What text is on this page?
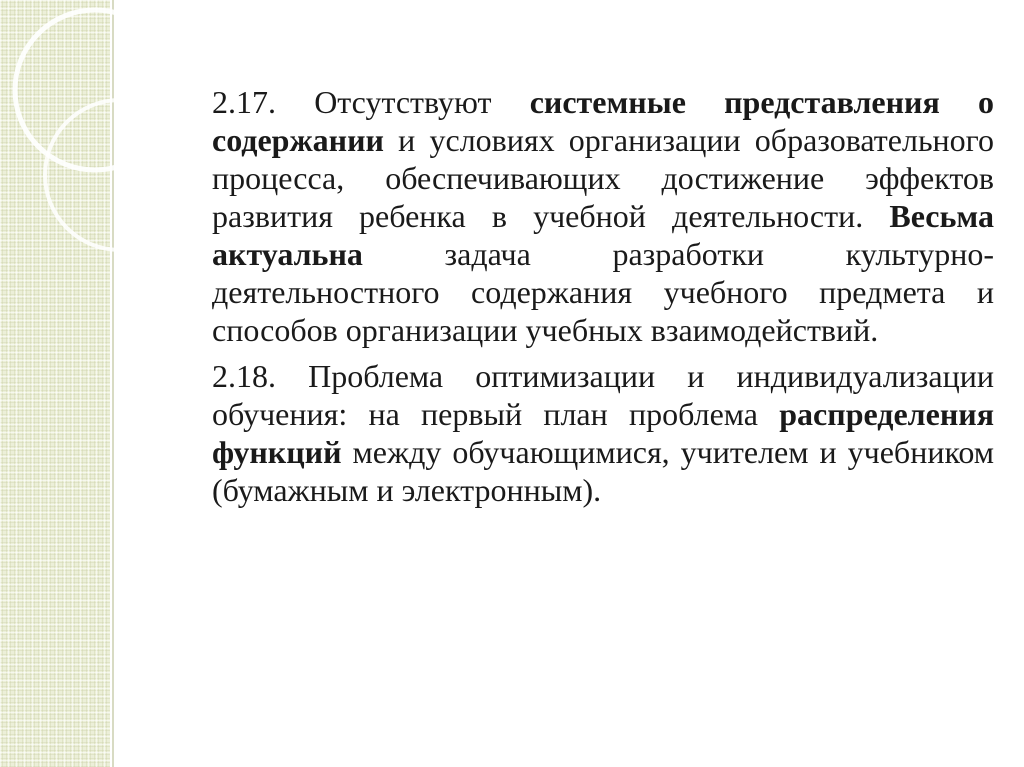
2.17. Отсутствуют системные представления о содержании и условиях организации образовательного процесса, обеспечивающих достижение эффектов развития ребенка в учебной деятельности. Весьма актуальна задача разработки культурно-деятельностного содержания учебного предмета и способов организации учебных взаимодействий.

2.18. Проблема оптимизации и индивидуализации обучения: на первый план проблема распределения функций между обучающимися, учителем и учебником (бумажным и электронным).
